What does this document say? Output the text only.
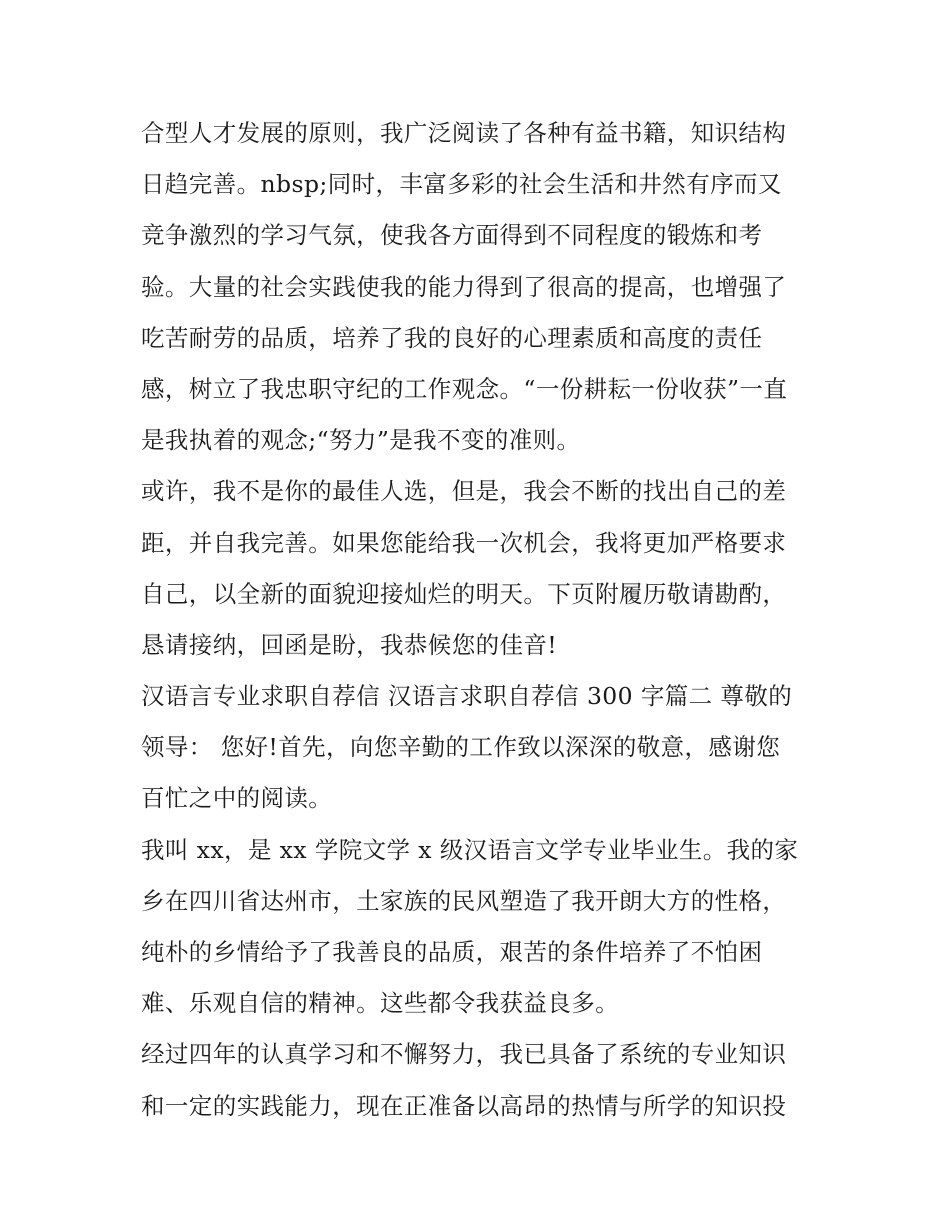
合型人才发展的原则，我广泛阅读了各种有益书籍，知识结构
日趋完善。nbsp;同时，丰富多彩的社会生活和井然有序而又
竞争激烈的学习气氛，使我各方面得到不同程度的锻炼和考
验。大量的社会实践使我的能力得到了很高的提高，也增强了
吃苦耐劳的品质，培养了我的良好的心理素质和高度的责任
感，树立了我忠职守纪的工作观念。“一份耕耘一份收获”一直
是我执着的观念;“努力”是我不变的准则。
或许，我不是你的最佳人选，但是，我会不断的找出自己的差
距，并自我完善。如果您能给我一次机会，我将更加严格要求
自己，以全新的面貌迎接灿烂的明天。下页附履历敬请勘酌，
恳请接纳，回函是盼，我恭候您的佳音!
汉语言专业求职自荐信 汉语言求职自荐信 300 字篇二 尊敬的
领导： 您好!首先，向您辛勤的工作致以深深的敬意，感谢您
百忙之中的阅读。
我叫 xx，是 xx 学院文学 x 级汉语言文学专业毕业生。我的家
乡在四川省达州市，土家族的民风塑造了我开朗大方的性格，
纯朴的乡情给予了我善良的品质，艰苦的条件培养了不怕困
难、乐观自信的精神。这些都令我获益良多。
经过四年的认真学习和不懈努力，我已具备了系统的专业知识
和一定的实践能力，现在正准备以高昂的热情与所学的知识投
